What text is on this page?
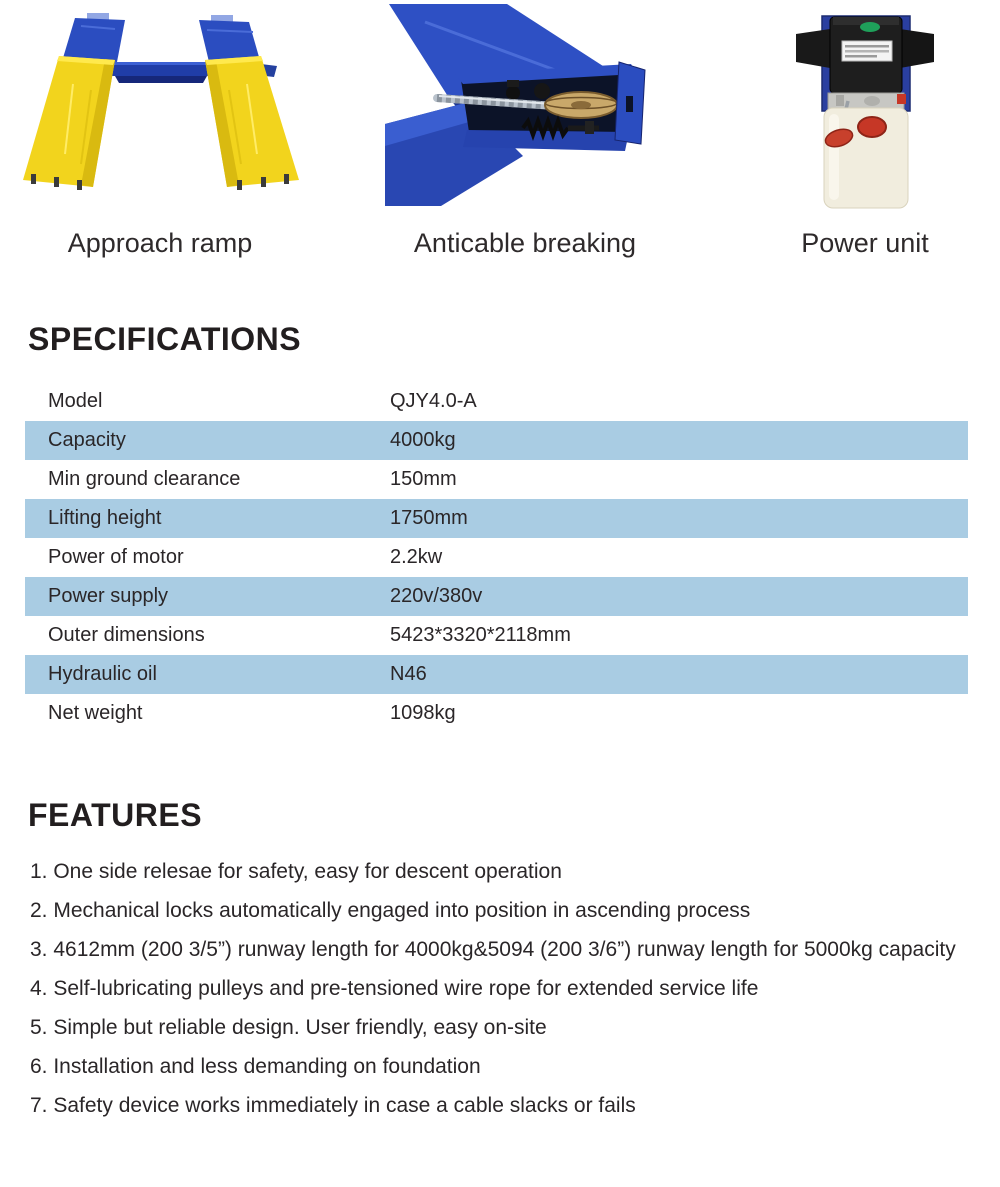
Approach ramp	Anticable breaking	Power unit
SPECIFICATIONS
Model	QJY4.0-A
Capacity	4000kg
Min ground clearance	150mm
Lifting height	1750mm
Power of motor	2.2kw
Power supply	220v/380v
Outer dimensions	5423*3320*2118mm
Hydraulic oil	N46
Net weight	1098kg
FEATURES

1. One side relesae for safety, easy for descent operation

2. Mechanical locks automatically engaged into position in ascending process

3. 4612mm (200 3/5”) runway length for 4000kg&5094 (200 3/6”) runway length for 5000kg capacity

4. Self-lubricating pulleys and pre-tensioned wire rope for extended service life

5. Simple but reliable design. User friendly, easy on-site

6. Installation and less demanding on foundation

7. Safety device works immediately in case a cable slacks or fails
